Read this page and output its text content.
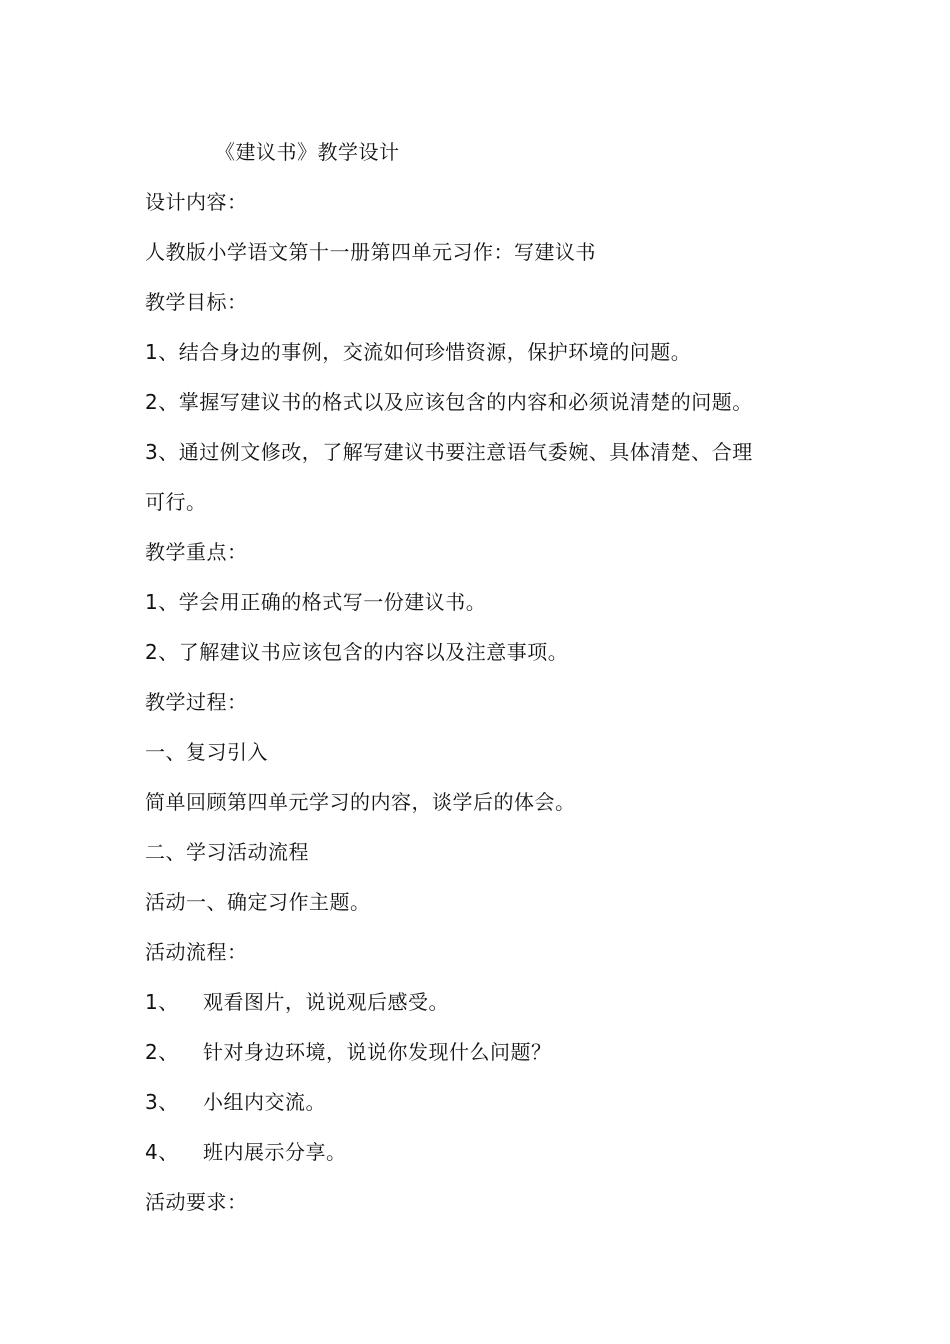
《建议书》教学设计
设计内容：
人教版小学语文第十一册第四单元习作：写建议书
教学目标：
1、结合身边的事例，交流如何珍惜资源，保护环境的问题。
2、掌握写建议书的格式以及应该包含的内容和必须说清楚的问题。
3、通过例文修改，了解写建议书要注意语气委婉、具体清楚、合理
可行。
教学重点：
1、学会用正确的格式写一份建议书。
2、了解建议书应该包含的内容以及注意事项。
教学过程：
一、复习引入
简单回顾第四单元学习的内容，谈学后的体会。
二、学习活动流程
活动一、确定习作主题。
活动流程：
1、 观看图片，说说观后感受。
2、 针对身边环境，说说你发现什么问题？
3、 小组内交流。
4、 班内展示分享。
活动要求：
